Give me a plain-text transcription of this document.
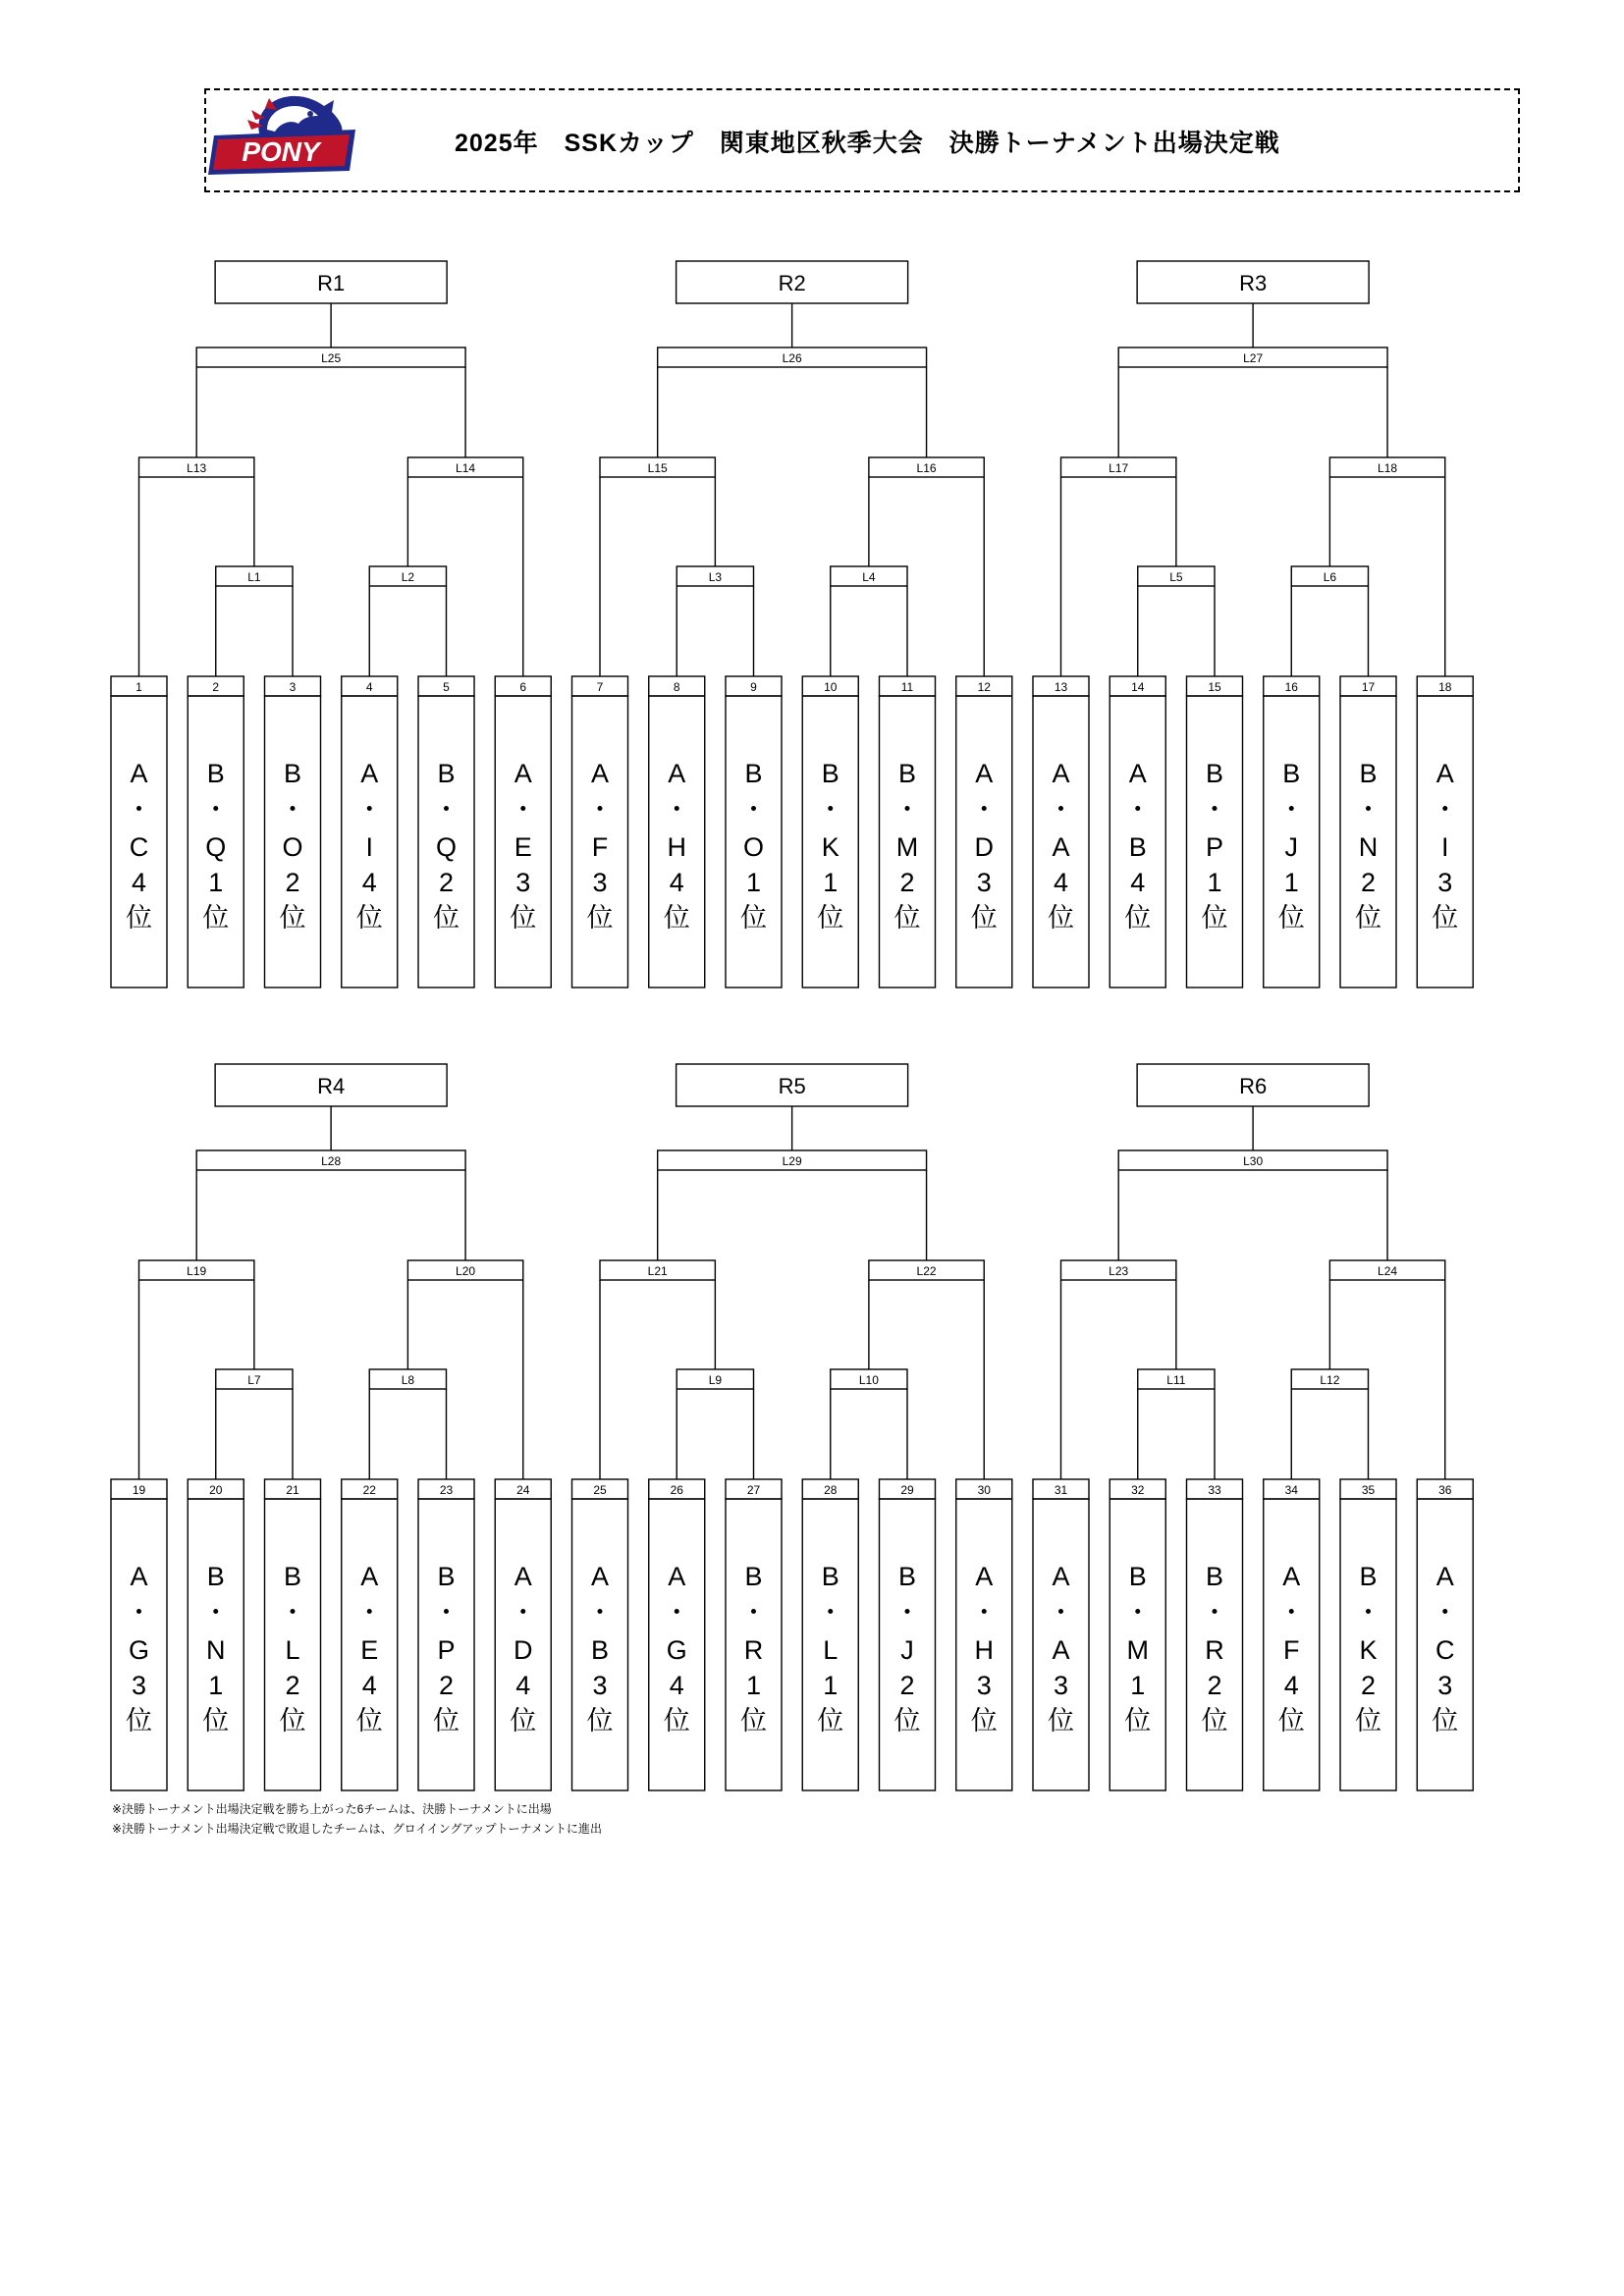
PONY	2025年　SSKカップ　関東地区秋季大会　決勝トーナメント出場決定戦
R1
L25
L13	L14
L1	L2
1
A
・
C
4
位
2
B
・
Q
1
位
3
B
・
O
2
位
4
A
・
I
4
位
5
B
・
Q
2
位
6
A
・
E
3
位
R2
L26
L15	L16
L3	L4
7
A
・
F
3
位
8
A
・
H
4
位
9
B
・
O
1
位
10
B
・
K
1
位
11
B
・
M
2
位
12
A
・
D
3
位
R3
L27
L17	L18
L5	L6
13
A
・
A
4
位
14
A
・
B
4
位
15
B
・
P
1
位
16
B
・
J
1
位
17
B
・
N
2
位
18
A
・
I
3
位
R4
L28
L19	L20
L7	L8
19
A
・
G
3
位
20
B
・
N
1
位
21
B
・
L
2
位
22
A
・
E
4
位
23
B
・
P
2
位
24
A
・
D
4
位
R5
L29
L21	L22
L9	L10
25
A
・
B
3
位
26
A
・
G
4
位
27
B
・
R
1
位
28
B
・
L
1
位
29
B
・
J
2
位
30
A
・
H
3
位
R6
L30
L23	L24
L11	L12
31
A
・
A
3
位
32
B
・
M
1
位
33
B
・
R
2
位
34
A
・
F
4
位
35
B
・
K
2
位
36
A
・
C
3
位
※決勝トーナメント出場決定戦を勝ち上がった6チームは、決勝トーナメントに出場
※決勝トーナメント出場決定戦で敗退したチームは、グロイイングアップトーナメントに進出
